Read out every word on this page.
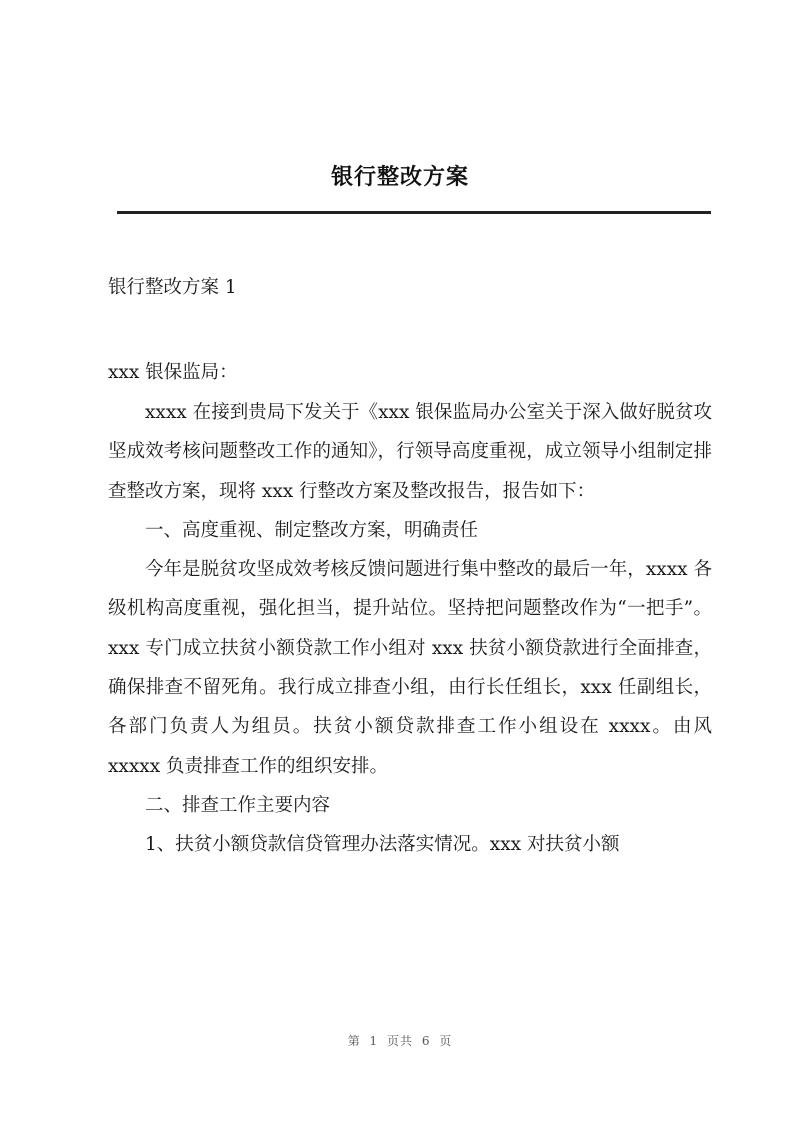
银行整改方案
银行整改方案 1
xxx 银保监局：

xxxx 在接到贵局下发关于《xxx 银保监局办公室关于深入做好脱贫攻坚成效考核问题整改工作的通知》，行领导高度重视，成立领导小组制定排查整改方案，现将 xxx 行整改方案及整改报告，报告如下：

一、高度重视、制定整改方案，明确责任

今年是脱贫攻坚成效考核反馈问题进行集中整改的最后一年，xxxx 各级机构高度重视，强化担当，提升站位。坚持把问题整改作为“一把手”。xxx 专门成立扶贫小额贷款工作小组对 xxx 扶贫小额贷款进行全面排查，确保排查不留死角。我行成立排查小组，由行长任组长，xxx 任副组长，各部门负责人为组员。扶贫小额贷款排查工作小组设在 xxxx。由风 xxxxx 负责排查工作的组织安排。

二、排查工作主要内容

1、扶贫小额贷款信贷管理办法落实情况。xxx 对扶贫小额

第 1 页共 6 页
